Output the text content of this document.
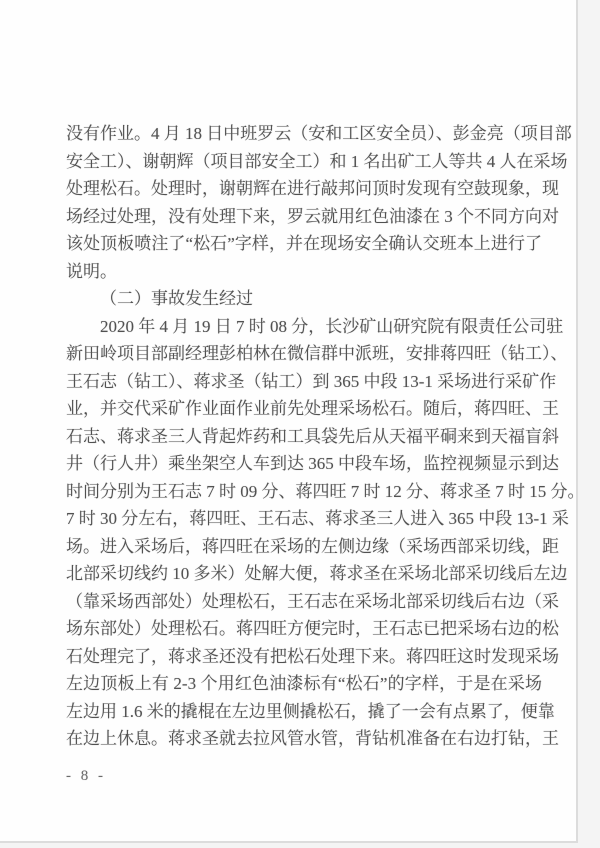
没有作业。4 月 18 日中班罗云（安和工区安全员）、彭金亮（项目部
安全工）、谢朝辉（项目部安全工）和 1 名出矿工人等共 4 人在采场
处理松石。处理时，谢朝辉在进行敲邦问顶时发现有空鼓现象，现
场经过处理，没有处理下来，罗云就用红色油漆在 3 个不同方向对
该处顶板喷注了“松石”字样，并在现场安全确认交班本上进行了
说明。
（二）事故发生经过
2020 年 4 月 19 日 7 时 08 分，长沙矿山研究院有限责任公司驻
新田岭项目部副经理彭柏林在微信群中派班，安排蒋四旺（钻工）、
王石志（钻工）、蒋求圣（钻工）到 365 中段 13-1 采场进行采矿作
业，并交代采矿作业面作业前先处理采场松石。随后，蒋四旺、王
石志、蒋求圣三人背起炸药和工具袋先后从天福平硐来到天福盲斜
井（行人井）乘坐架空人车到达 365 中段车场，监控视频显示到达
时间分别为王石志 7 时 09 分、蒋四旺 7 时 12 分、蒋求圣 7 时 15 分。
7 时 30 分左右，蒋四旺、王石志、蒋求圣三人进入 365 中段 13-1 采
场。进入采场后，蒋四旺在采场的左侧边缘（采场西部采切线，距
北部采切线约 10 多米）处解大便，蒋求圣在采场北部采切线后左边
（靠采场西部处）处理松石，王石志在采场北部采切线后右边（采
场东部处）处理松石。蒋四旺方便完时，王石志已把采场右边的松
石处理完了，蒋求圣还没有把松石处理下来。蒋四旺这时发现采场
左边顶板上有 2-3 个用红色油漆标有“松石”的字样，于是在采场
左边用 1.6 米的撬棍在左边里侧撬松石，撬了一会有点累了，便靠
在边上休息。蒋求圣就去拉风管水管，背钻机准备在右边打钻，王
- 8 -
